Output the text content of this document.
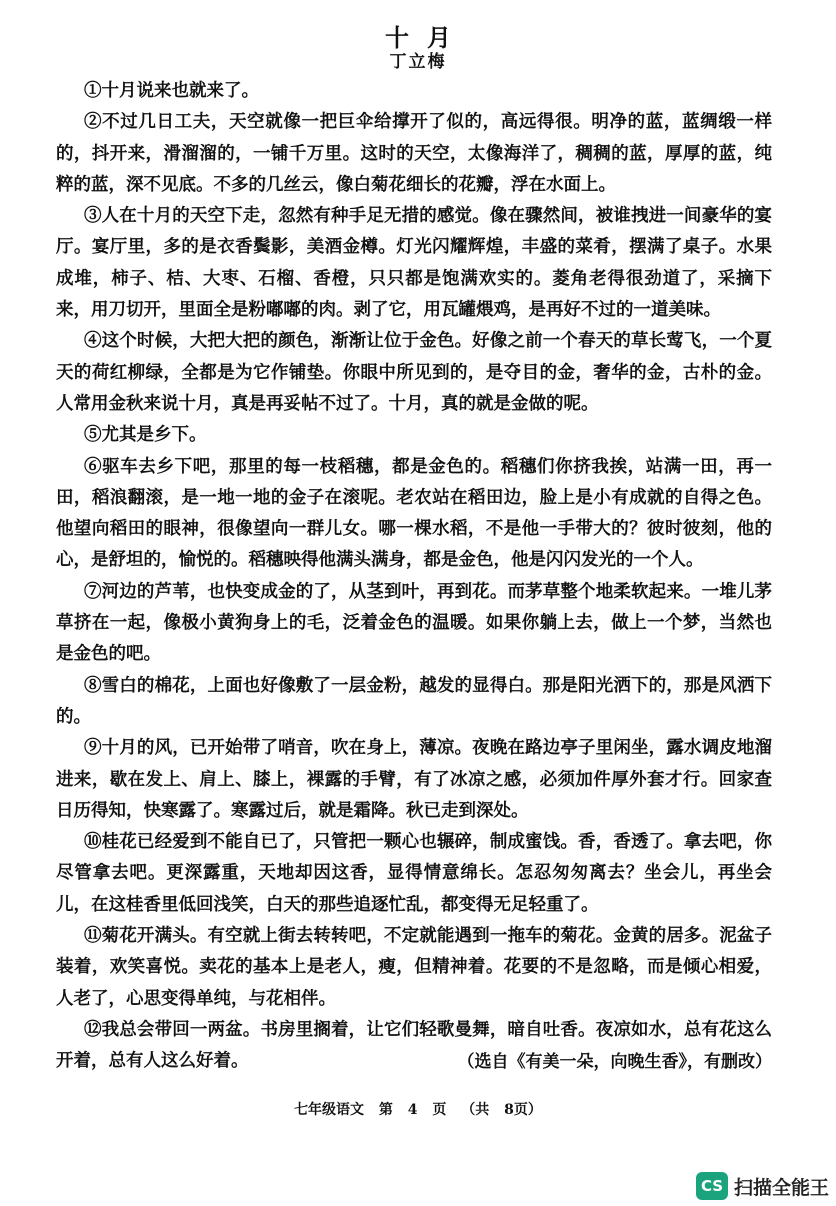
十月
丁立梅

①十月说来也就来了。

②不过几日工夫，天空就像一把巨伞给撑开了似的，高远得很。明净的蓝，蓝绸缎一样的，抖开来，滑溜溜的，一铺千万里。这时的天空，太像海洋了，稠稠的蓝，厚厚的蓝，纯粹的蓝，深不见底。不多的几丝云，像白菊花细长的花瓣，浮在水面上。

③人在十月的天空下走，忽然有种手足无措的感觉。像在骤然间，被谁拽进一间豪华的宴厅。宴厅里，多的是衣香鬓影，美酒金樽。灯光闪耀辉煌，丰盛的菜肴，摆满了桌子。水果成堆，柿子、桔、大枣、石榴、香橙，只只都是饱满欢实的。菱角老得很劲道了，采摘下来，用刀切开，里面全是粉嘟嘟的肉。剥了它，用瓦罐煨鸡，是再好不过的一道美味。

④这个时候，大把大把的颜色，渐渐让位于金色。好像之前一个春天的草长莺飞，一个夏天的荷红柳绿，全都是为它作铺垫。你眼中所见到的，是夺目的金，奢华的金，古朴的金。人常用金秋来说十月，真是再妥帖不过了。十月，真的就是金做的呢。

⑤尤其是乡下。

⑥驱车去乡下吧，那里的每一枝稻穗，都是金色的。稻穗们你挤我挨，站满一田，再一田，稻浪翻滚，是一地一地的金子在滚呢。老农站在稻田边，脸上是小有成就的自得之色。他望向稻田的眼神，很像望向一群儿女。哪一棵水稻，不是他一手带大的？彼时彼刻，他的心，是舒坦的，愉悦的。稻穗映得他满头满身，都是金色，他是闪闪发光的一个人。

⑦河边的芦苇，也快变成金的了，从茎到叶，再到花。而茅草整个地柔软起来。一堆儿茅草挤在一起，像极小黄狗身上的毛，泛着金色的温暖。如果你躺上去，做上一个梦，当然也是金色的吧。

⑧雪白的棉花，上面也好像敷了一层金粉，越发的显得白。那是阳光洒下的，那是风洒下的。

⑨十月的风，已开始带了哨音，吹在身上，薄凉。夜晚在路边亭子里闲坐，露水调皮地溜进来，歇在发上、肩上、膝上，裸露的手臂，有了冰凉之感，必须加件厚外套才行。回家查日历得知，快寒露了。寒露过后，就是霜降。秋已走到深处。

⑩桂花已经爱到不能自已了，只管把一颗心也辗碎，制成蜜饯。香，香透了。拿去吧，你尽管拿去吧。更深露重，天地却因这香，显得情意绵长。怎忍匆匆离去？坐会儿，再坐会儿，在这桂香里低回浅笑，白天的那些追逐忙乱，都变得无足轻重了。

⑪菊花开满头。有空就上街去转转吧，不定就能遇到一拖车的菊花。金黄的居多。泥盆子装着，欢笑喜悦。卖花的基本上是老人，瘦，但精神着。花要的不是忽略，而是倾心相爱，人老了，心思变得单纯，与花相伴。

⑫我总会带回一两盆。书房里搁着，让它们轻歌曼舞，暗自吐香。夜凉如水，总有花这么开着，总有人这么好着。	（选自《有美一朵，向晚生香》，有删改）

七年级语文 第 4 页 （共 8页）
CS 扫描全能王
